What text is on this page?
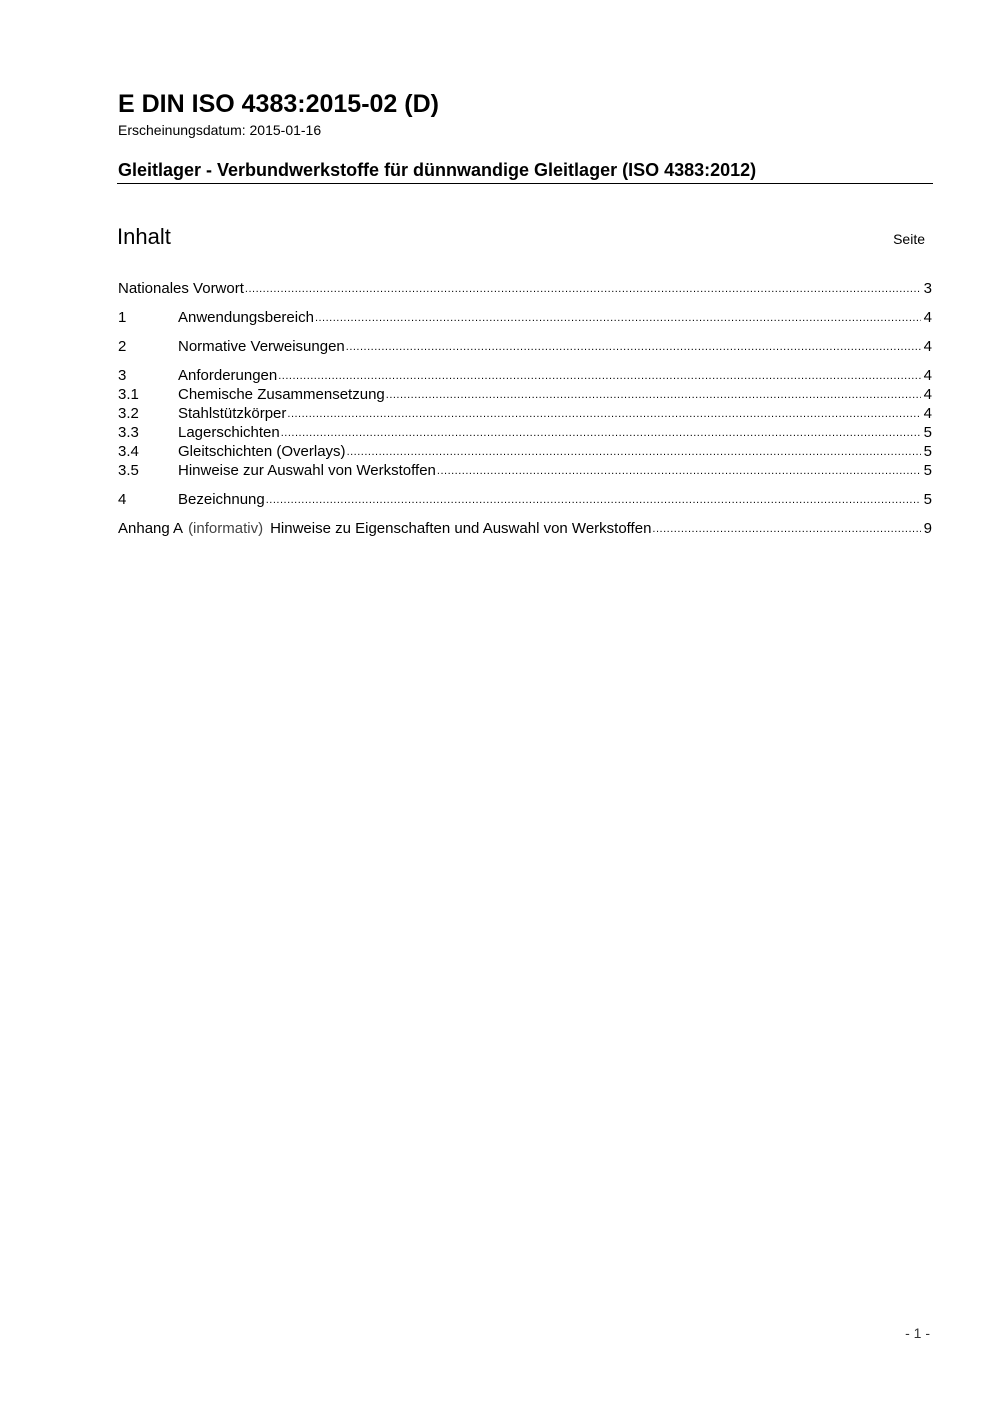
E DIN ISO 4383:2015-02 (D)
Erscheinungsdatum: 2015-01-16
Gleitlager - Verbundwerkstoffe für dünnwandige Gleitlager (ISO 4383:2012)
Inhalt	Seite
Nationales Vorwort .....	3
1	Anwendungsbereich .....	4
2	Normative Verweisungen .....	4
3	Anforderungen .....	4
3.1	Chemische Zusammensetzung .....	4
3.2	Stahlstützkörper .....	4
3.3	Lagerschichten .....	5
3.4	Gleitschichten (Overlays) .....	5
3.5	Hinweise zur Auswahl von Werkstoffen .....	5
4	Bezeichnung .....	5
Anhang A (informativ) Hinweise zu Eigenschaften und Auswahl von Werkstoffen .....	9
- 1 -
